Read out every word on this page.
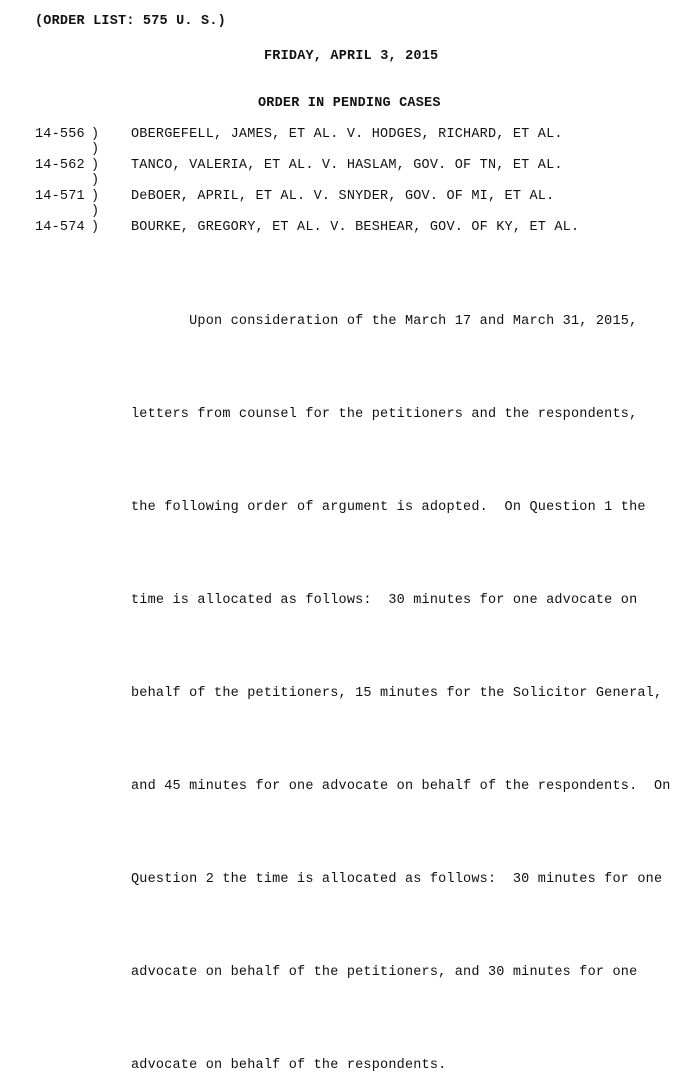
(ORDER LIST: 575 U. S.)
FRIDAY, APRIL 3, 2015
ORDER IN PENDING CASES
14-556 ) OBERGEFELL, JAMES, ET AL. V. HODGES, RICHARD, ET AL.
)
14-562 ) TANCO, VALERIA, ET AL. V. HASLAM, GOV. OF TN, ET AL.
)
14-571 ) DeBOER, APRIL, ET AL. V. SNYDER, GOV. OF MI, ET AL.
)
14-574 ) BOURKE, GREGORY, ET AL. V. BESHEAR, GOV. OF KY, ET AL.

Upon consideration of the March 17 and March 31, 2015,

letters from counsel for the petitioners and the respondents,

the following order of argument is adopted.  On Question 1 the

time is allocated as follows:  30 minutes for one advocate on

behalf of the petitioners, 15 minutes for the Solicitor General,

and 45 minutes for one advocate on behalf of the respondents.  On

Question 2 the time is allocated as follows:  30 minutes for one

advocate on behalf of the petitioners, and 30 minutes for one

advocate on behalf of the respondents.
